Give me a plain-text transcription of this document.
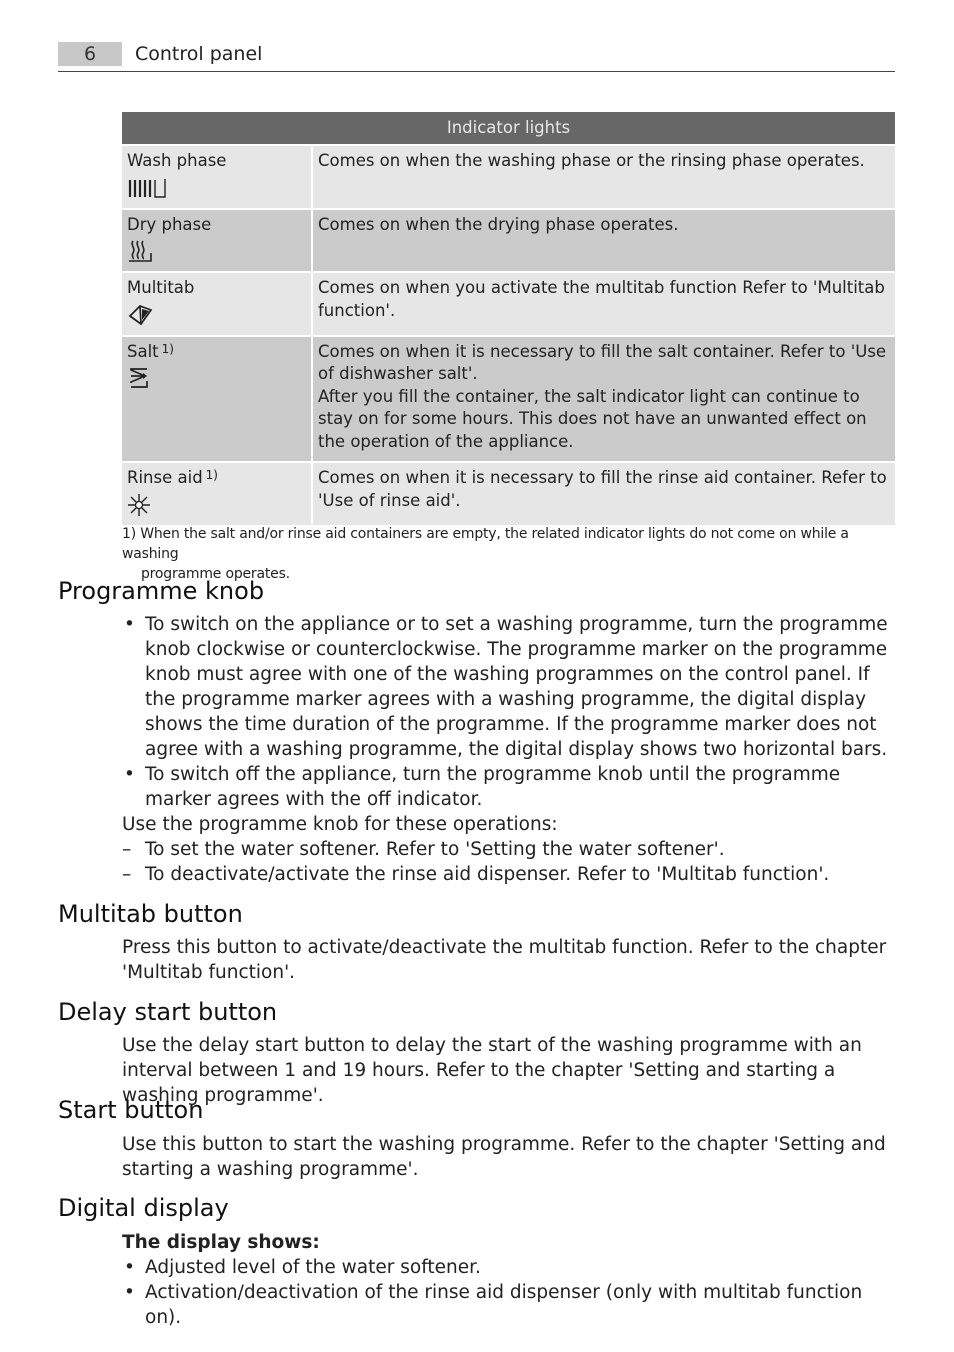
6	Control panel
Indicator lights	
Wash phase	Comes on when the washing phase or the rinsing phase operates.
Dry phase	Comes on when the drying phase operates.
Multitab	Comes on when you activate the multitab function Refer to 'Multitab function'.
Salt $^{1)}$	Comes on when it is necessary to fill the salt container. Refer to 'Use of dishwasher salt'.
After you fill the container, the salt indicator light can continue to stay on for some hours. This does not have an unwanted effect on the operation of the appliance.

Rinse aid $^{1)}$	Comes on when it is necessary to fill the rinse aid container. Refer to 'Use of rinse aid'.
1) When the salt and/or rinse aid containers are empty, the related indicator lights do not come on while a washing
programme operates.
Programme knob
• To switch on the appliance or to set a washing programme, turn the programme knob clockwise or counterclockwise. The programme marker on the programme knob must agree with one of the washing programmes on the control panel. If the programme marker agrees with a washing programme, the digital display shows the time duration of the programme. If the programme marker does not agree with a washing programme, the digital display shows two horizontal bars.
• To switch off the appliance, turn the programme knob until the programme marker agrees with the off indicator.
Use the programme knob for these operations:
– To set the water softener. Refer to 'Setting the water softener'.
– To deactivate/activate the rinse aid dispenser. Refer to 'Multitab function'.
Multitab button
Press this button to activate/deactivate the multitab function. Refer to the chapter 'Multitab function'.
Delay start button
Use the delay start button to delay the start of the washing programme with an interval between 1 and 19 hours. Refer to the chapter 'Setting and starting a washing programme'.
Start button
Use this button to start the washing programme. Refer to the chapter 'Setting and starting a washing programme'.
Digital display
The display shows:
• Adjusted level of the water softener.
• Activation/deactivation of the rinse aid dispenser (only with multitab function on).
